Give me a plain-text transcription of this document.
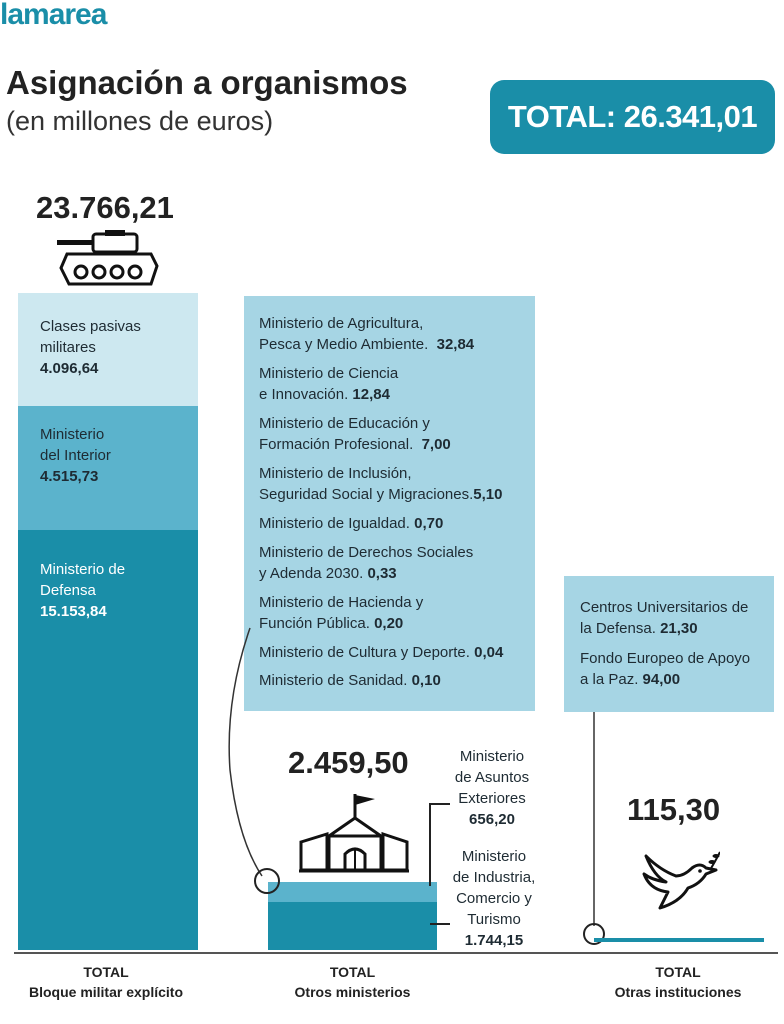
lamarea
Asignación a organismos
(en millones de euros)	TOTAL: 26.341,01
23.766,21
Clases pasivas
militares
4.096,64
Ministerio
del Interior
4.515,73
Ministerio de
Defensa
15.153,84
Ministerio de Agricultura,
Pesca y Medio Ambiente. 32,84
Ministerio de Ciencia
e Innovación. 12,84
Ministerio de Educación y
Formación Profesional. 7,00
Ministerio de Inclusión,
Seguridad Social y Migraciones.5,10
Ministerio de Igualdad. 0,70
Ministerio de Derechos Sociales
y Adenda 2030. 0,33
Ministerio de Hacienda y
Función Pública. 0,20
Ministerio de Cultura y Deporte. 0,04
Ministerio de Sanidad. 0,10
2.459,50	Ministerio
de Asuntos
Exteriores
656,20
Ministerio
de Industria,
Comercio y
Turismo
1.744,15
Centros Universitarios de
la Defensa. 21,30
Fondo Europeo de Apoyo
a la Paz. 94,00
115,30
TOTAL
Bloque militar explícito
TOTAL
Otros ministerios
TOTAL
Otras instituciones
